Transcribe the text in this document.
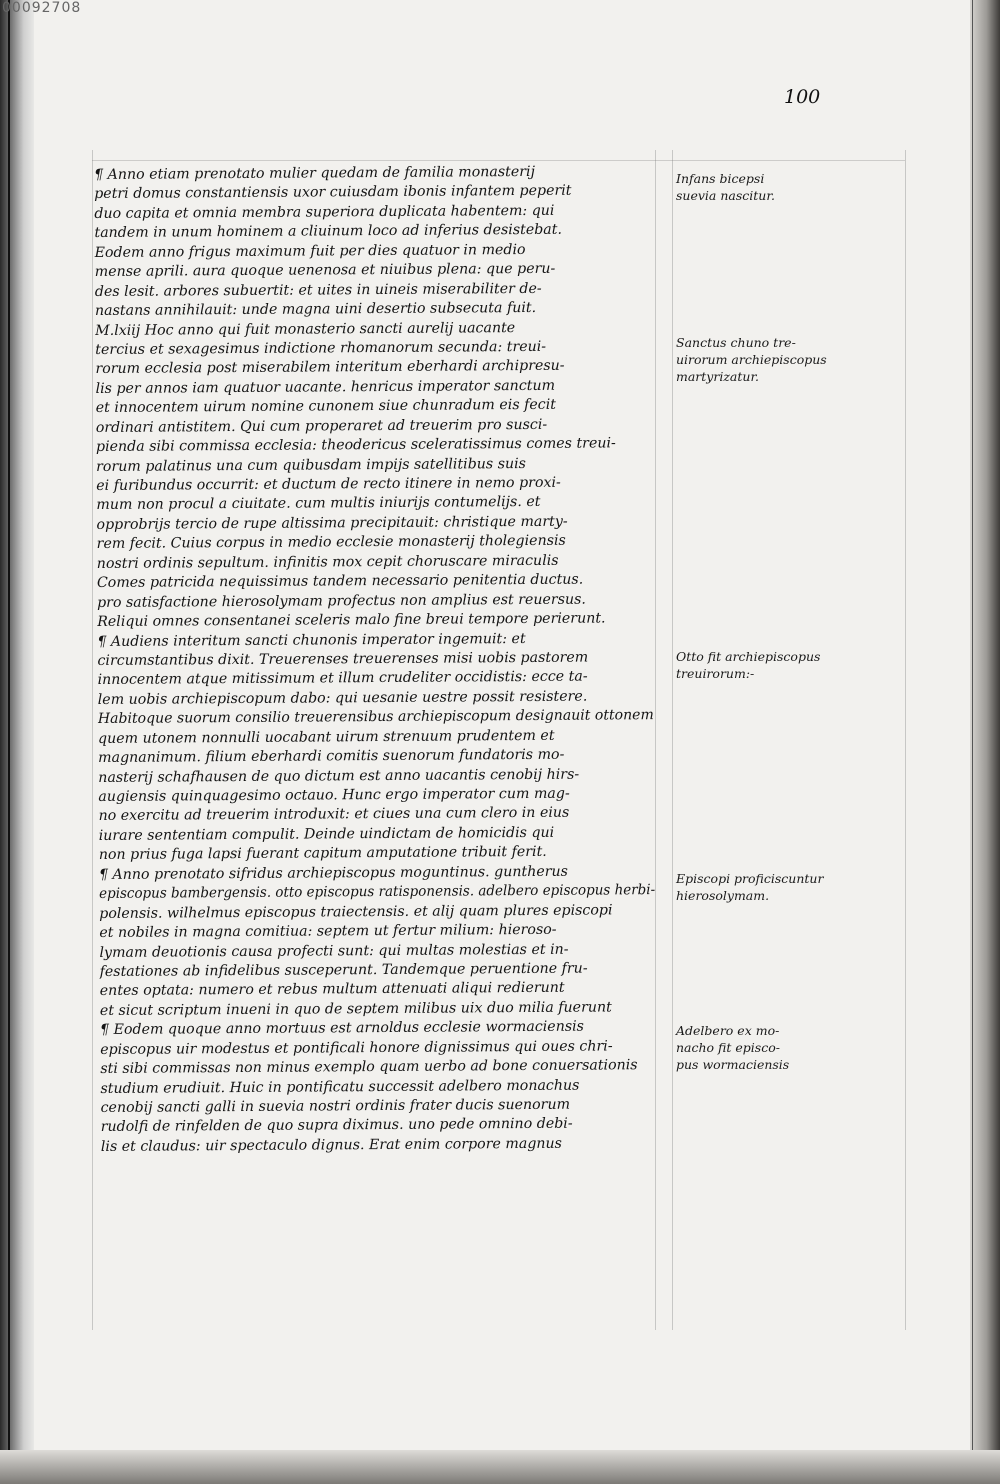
00092708
100
¶ Anno etiam prenotato mulier quedam de familia monasterij
petri domus constantiensis uxor cuiusdam ibonis infantem peperit
duo capita et omnia membra superiora duplicata habentem: qui
tandem in unum hominem a cliuinum loco ad inferius desistebat.
Eodem anno frigus maximum fuit per dies quatuor in medio
mense aprili. aura quoque uenenosa et niuibus plena: que peru-
des lesit. arbores subuertit: et uites in uineis miserabiliter de-
nastans annihilauit: unde magna uini desertio subsecuta fuit.
M.lxiij Hoc anno qui fuit monasterio sancti aurelij uacante
tercius et sexagesimus indictione rhomanorum secunda: treui-
rorum ecclesia post miserabilem interitum eberhardi archipresu-
lis per annos iam quatuor uacante. henricus imperator sanctum
et innocentem uirum nomine cunonem siue chunradum eis fecit
ordinari antistitem. Qui cum properaret ad treuerim pro susci-
pienda sibi commissa ecclesia: theodericus sceleratissimus comes treui-
rorum palatinus una cum quibusdam impijs satellitibus suis
ei furibundus occurrit: et ductum de recto itinere in nemo proxi-
mum non procul a ciuitate. cum multis iniurijs contumelijs. et
opprobrijs tercio de rupe altissima precipitauit: christique marty-
rem fecit. Cuius corpus in medio ecclesie monasterij tholegiensis
nostri ordinis sepultum. infinitis mox cepit choruscare miraculis
Comes patricida nequissimus tandem necessario penitentia ductus.
pro satisfactione hierosolymam profectus non amplius est reuersus.
Reliqui omnes consentanei sceleris malo fine breui tempore perierunt.
¶ Audiens interitum sancti chunonis imperator ingemuit: et
circumstantibus dixit. Treuerenses treuerenses misi uobis pastorem
innocentem atque mitissimum et illum crudeliter occidistis: ecce ta-
lem uobis archiepiscopum dabo: qui uesanie uestre possit resistere.
Habitoque suorum consilio treuerensibus archiepiscopum designauit ottonem
quem utonem nonnulli uocabant uirum strenuum prudentem et
magnanimum. filium eberhardi comitis suenorum fundatoris mo-
nasterij schafhausen de quo dictum est anno uacantis cenobij hirs-
augiensis quinquagesimo octauo. Hunc ergo imperator cum mag-
no exercitu ad treuerim introduxit: et ciues una cum clero in eius
iurare sententiam compulit. Deinde uindictam de homicidis qui
non prius fuga lapsi fuerant capitum amputatione tribuit ferit.
¶ Anno prenotato sifridus archiepiscopus moguntinus. guntherus
episcopus bambergensis. otto episcopus ratisponensis. adelbero episcopus herbi-
polensis. wilhelmus episcopus traiectensis. et alij quam plures episcopi
et nobiles in magna comitiua: septem ut fertur milium: hieroso-
lymam deuotionis causa profecti sunt: qui multas molestias et in-
festationes ab infidelibus susceperunt. Tandemque peruentione fru-
entes optata: numero et rebus multum attenuati aliqui redierunt
et sicut scriptum inueni in quo de septem milibus uix duo milia fuerunt
¶ Eodem quoque anno mortuus est arnoldus ecclesie wormaciensis
episcopus uir modestus et pontificali honore dignissimus qui oues chri-
sti sibi commissas non minus exemplo quam uerbo ad bone conuersationis
studium erudiuit. Huic in pontificatu successit adelbero monachus
cenobij sancti galli in suevia nostri ordinis frater ducis suenorum
rudolfi de rinfelden de quo supra diximus. uno pede omnino debi-
lis et claudus: uir spectaculo dignus. Erat enim corpore magnus
Infans bicepsi
suevia nascitur.
Sanctus chuno tre-
uirorum archiepiscopus
martyrizatur.
Otto fit archiepiscopus
treuirorum:-
Episcopi proficiscuntur
hierosolymam.
Adelbero ex mo-
nacho fit episco-
pus wormaciensis
